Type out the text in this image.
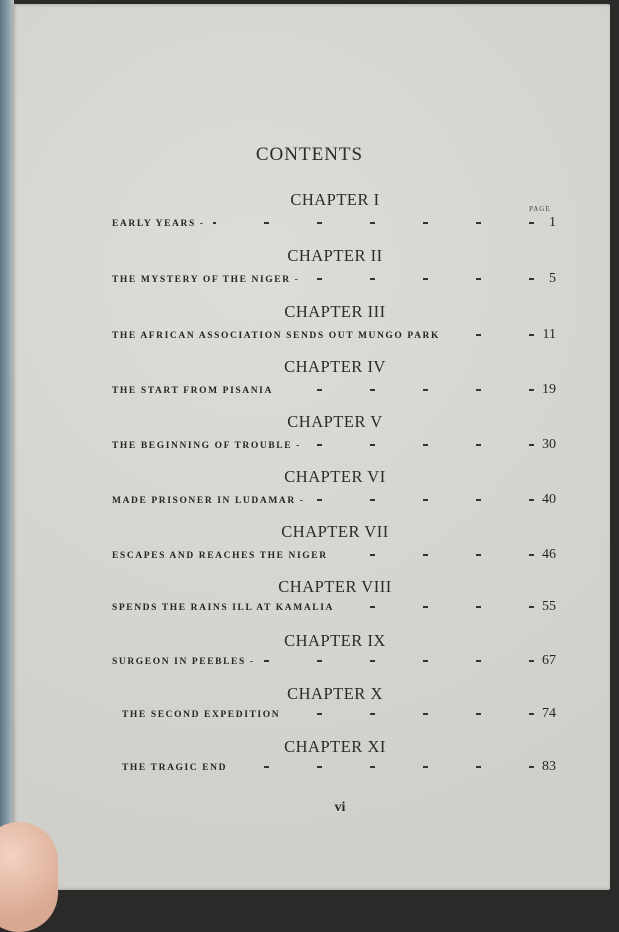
CONTENTS
PAGE
CHAPTER I
EARLY YEARS -	1
CHAPTER II
THE MYSTERY OF THE NIGER -	5
CHAPTER III
THE AFRICAN ASSOCIATION SENDS OUT MUNGO PARK	11
CHAPTER IV
THE START FROM PISANIA	19
CHAPTER V
THE BEGINNING OF TROUBLE -	30
CHAPTER VI
MADE PRISONER IN LUDAMAR -	40
CHAPTER VII
ESCAPES AND REACHES THE NIGER	46
CHAPTER VIII
SPENDS THE RAINS ILL AT KAMALIA	55
CHAPTER IX
SURGEON IN PEEBLES -	67
CHAPTER X
THE SECOND EXPEDITION	74
CHAPTER XI
THE TRAGIC END	83
vi
